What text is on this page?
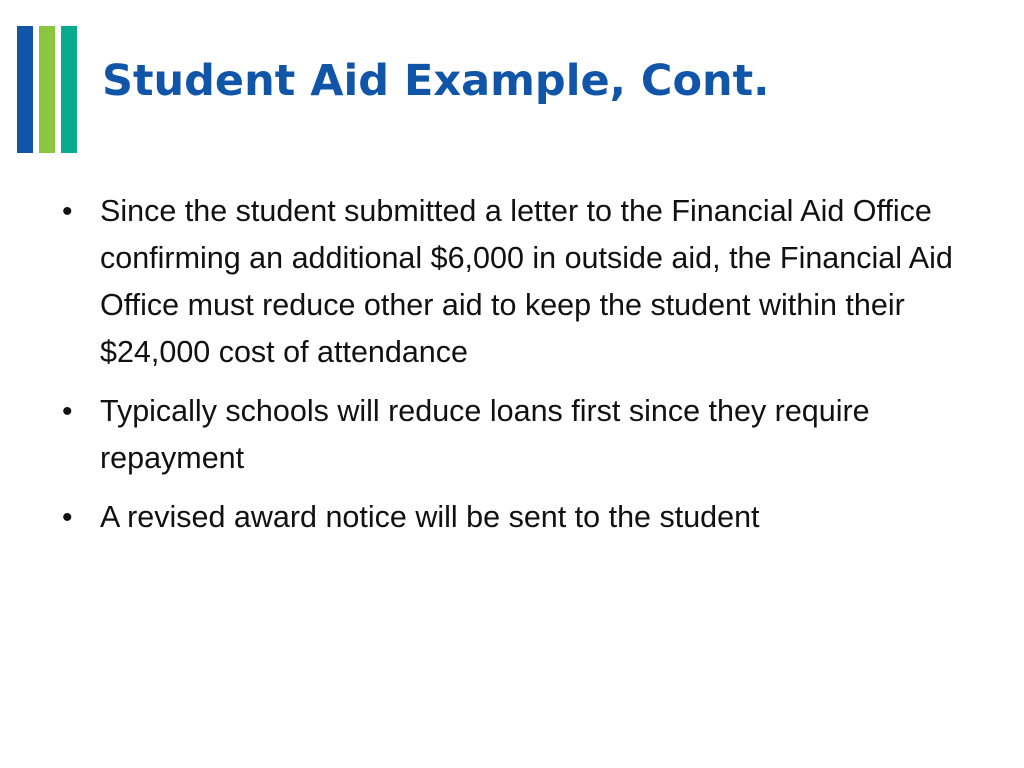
Student Aid Example, Cont.
• Since the student submitted a letter to the Financial Aid Office confirming an additional $6,000 in outside aid, the Financial Aid Office must reduce other aid to keep the student within their $24,000 cost of attendance
• Typically schools will reduce loans first since they require repayment
• A revised award notice will be sent to the student
